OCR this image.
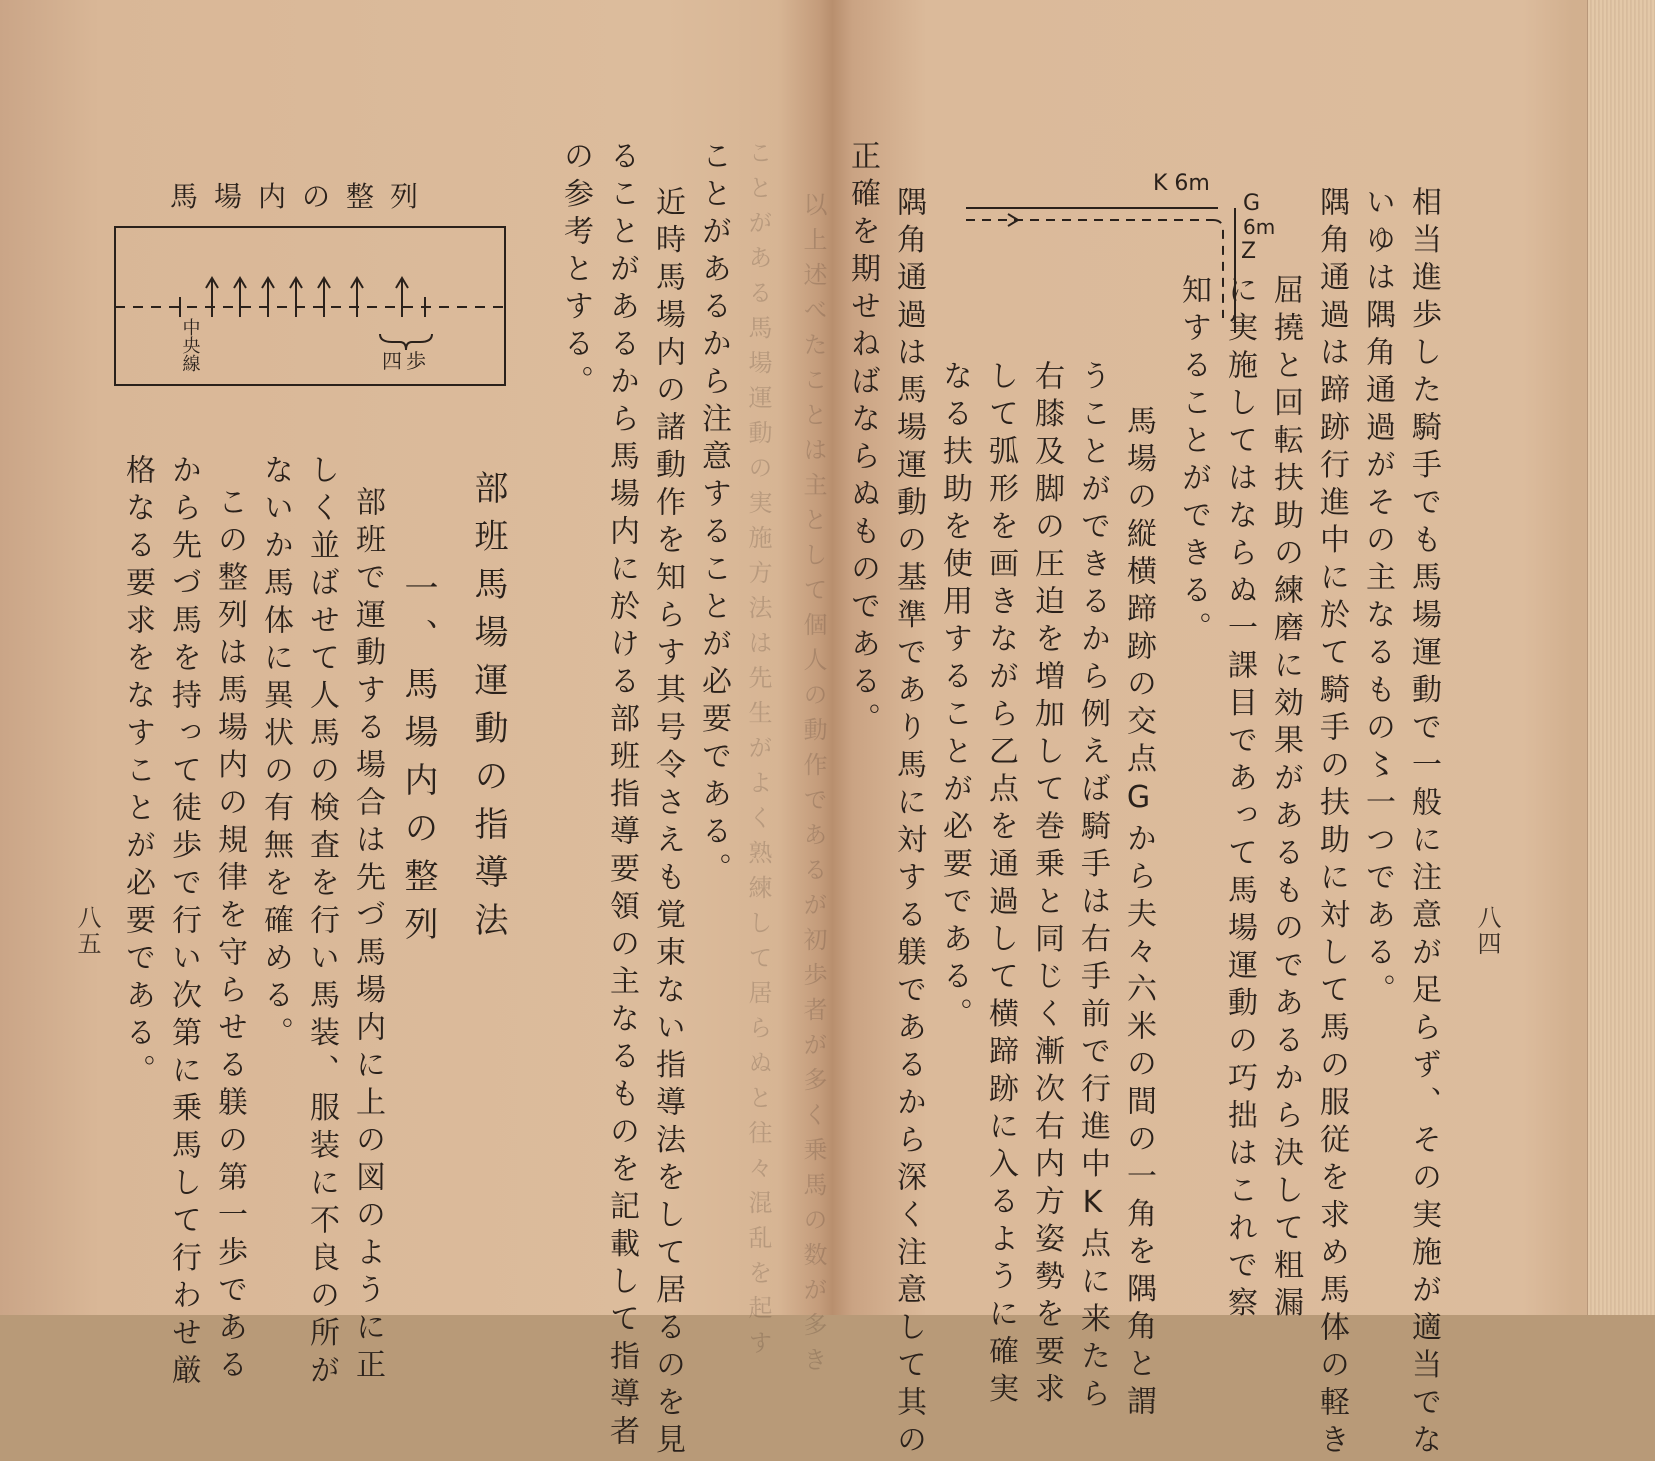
八四
相当進歩した騎手でも馬場運動で一般に注意が足らず、その実施が適当でな
いゆは隅角通過がその主なるもの〻一つである。
隅角通過は蹄跡行進中に於て騎手の扶助に対して馬の服従を求め馬体の軽き
屈撓と回転扶助の練磨に効果があるものであるから決して粗漏
に実施してはならぬ一課目であって馬場運動の巧拙はこれで察
知することができる。
K 6m
G
6m
Z
馬場の縦横蹄跡の交点Gから夫々六米の間の一角を隅角と謂
うことができるから例えば騎手は右手前で行進中K点に来たら
右膝及脚の圧迫を増加して巻乗と同じく漸次右内方姿勢を要求
して弧形を画きながら乙点を通過して横蹄跡に入るように確実
なる扶助を使用することが必要である。
隅角通過は馬場運動の基準であり馬に対する躾であるから深く注意して其の
正確を期せねばならぬものである。
以上述べたことは主として個人の動作であるが初歩者が多く乗馬の数が多き
ことがある馬場運動の実施方法は先生がよく熟練して居らぬと往々混乱を起す
ことがあるから注意することが必要である。
近時馬場内の諸動作を知らす其号令さえも覚束ない指導法をして居るのを見
ることがあるから馬場内に於ける部班指導要領の主なるものを記載して指導者
の参考とする。
部班馬場運動の指導法
一、馬場内の整列
部班で運動する場合は先づ馬場内に上の図のように正
しく並ばせて人馬の検査を行い馬装、服装に不良の所が
ないか馬体に異状の有無を確める。
この整列は馬場内の規律を守らせる躾の第一歩である
から先づ馬を持って徒歩で行い次第に乗馬して行わせ厳
格なる要求をなすことが必要である。
八五
馬場内の整列
中央線	四歩
